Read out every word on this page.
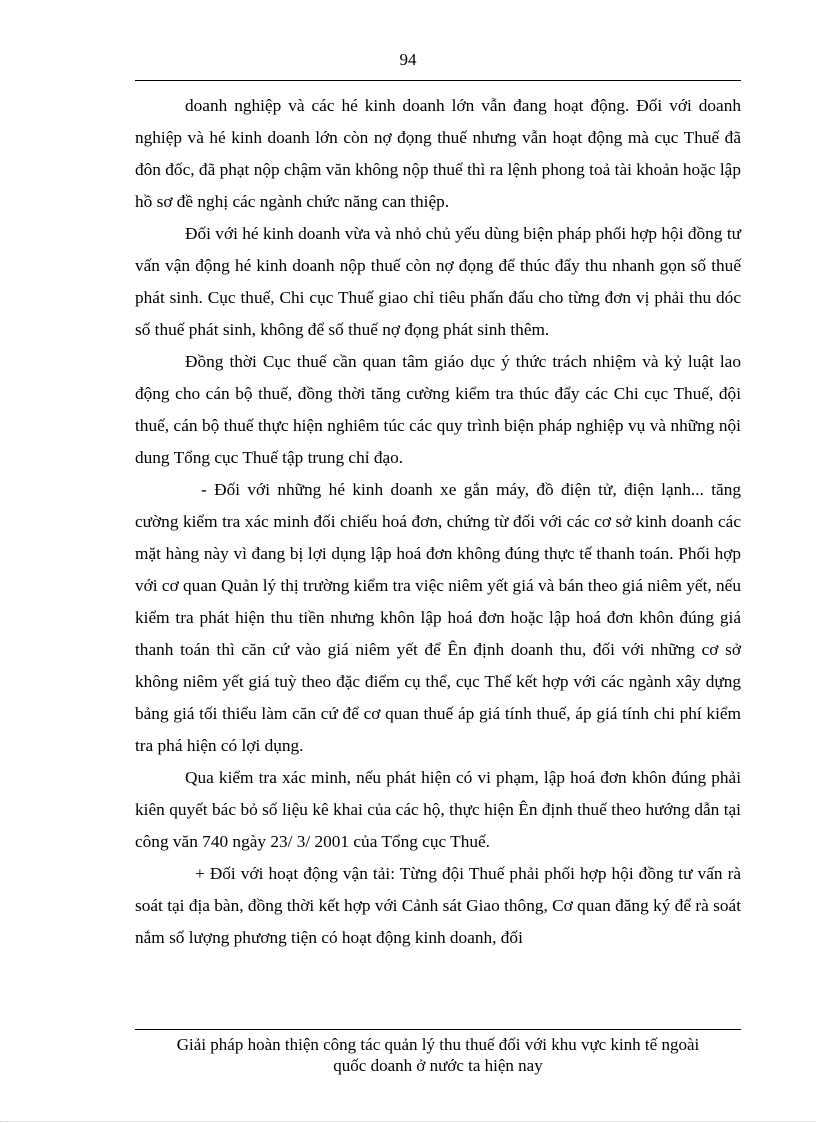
94

doanh nghiệp và các hé kinh doanh lớn vẫn đang hoạt động. Đối với doanh nghiệp và hé kinh doanh lớn còn nợ đọng thuế nhưng vẫn hoạt động mà cục Thuế đã đôn đốc, đã phạt nộp chậm văn không nộp thuế thì ra lệnh phong toả tài khoản hoặc lập hồ sơ đề nghị các ngành chức năng can thiệp.

Đối với hé kinh doanh vừa và nhỏ chủ yếu dùng biện pháp phối hợp hội đồng tư vấn vận động hé kinh doanh nộp thuế còn nợ đọng để thúc đẩy thu nhanh gọn số thuế phát sinh. Cục thuế, Chi cục Thuế giao chỉ tiêu phấn đấu cho từng đơn vị phải thu dóc số thuế phát sinh, không để số thuế nợ đọng phát sinh thêm.

Đồng thời Cục thuế cần quan tâm giáo dục ý thức trách nhiệm và kỷ luật lao động cho cán bộ thuế, đồng thời tăng cường kiểm tra thúc đẩy các Chi cục Thuế, đội thuế, cán bộ thuế thực hiện nghiêm túc các quy trình biện pháp nghiệp vụ và những nội dung Tổng cục Thuế tập trung chỉ đạo.

- Đối với những hé kinh doanh xe gắn máy, đồ điện tử, điện lạnh... tăng cường kiểm tra xác minh đối chiếu hoá đơn, chứng từ đối với các cơ sở kinh doanh các mặt hàng này vì đang bị lợi dụng lập hoá đơn không đúng thực tế thanh toán. Phối hợp với cơ quan Quản lý thị trường kiểm tra việc niêm yết giá và bán theo giá niêm yết, nếu kiểm tra phát hiện thu tiền nhưng khôn lập hoá đơn hoặc lập hoá đơn khôn đúng giá thanh toán thì căn cứ vào giá niêm yết để Ên định doanh thu, đối với những cơ sở không niêm yết giá tuỳ theo đặc điểm cụ thể, cục Thế kết hợp với các ngành xây dựng bảng giá tối thiểu làm căn cứ để cơ quan thuế áp giá tính thuế, áp giá tính chi phí kiểm tra phá hiện có lợi dụng.

Qua kiểm tra xác minh, nếu phát hiện có vi phạm, lập hoá đơn khôn đúng phải kiên quyết bác bỏ số liệu kê khai của các hộ, thực hiện Ên định thuế theo hướng dẫn tại công văn 740 ngày 23/ 3/ 2001 của Tổng cục Thuế.

+ Đối với hoạt động vận tải: Từng đội Thuế phải phối hợp hội đồng tư vấn rà soát tại địa bàn, đồng thời kết hợp với Cảnh sát Giao thông, Cơ quan đăng ký để rà soát nắm số lượng phương tiện có hoạt động kinh doanh, đối

Giải pháp hoàn thiện công tác quản lý thu thuế đối với khu vực kinh tế ngoài
quốc doanh ở nước ta hiện nay
